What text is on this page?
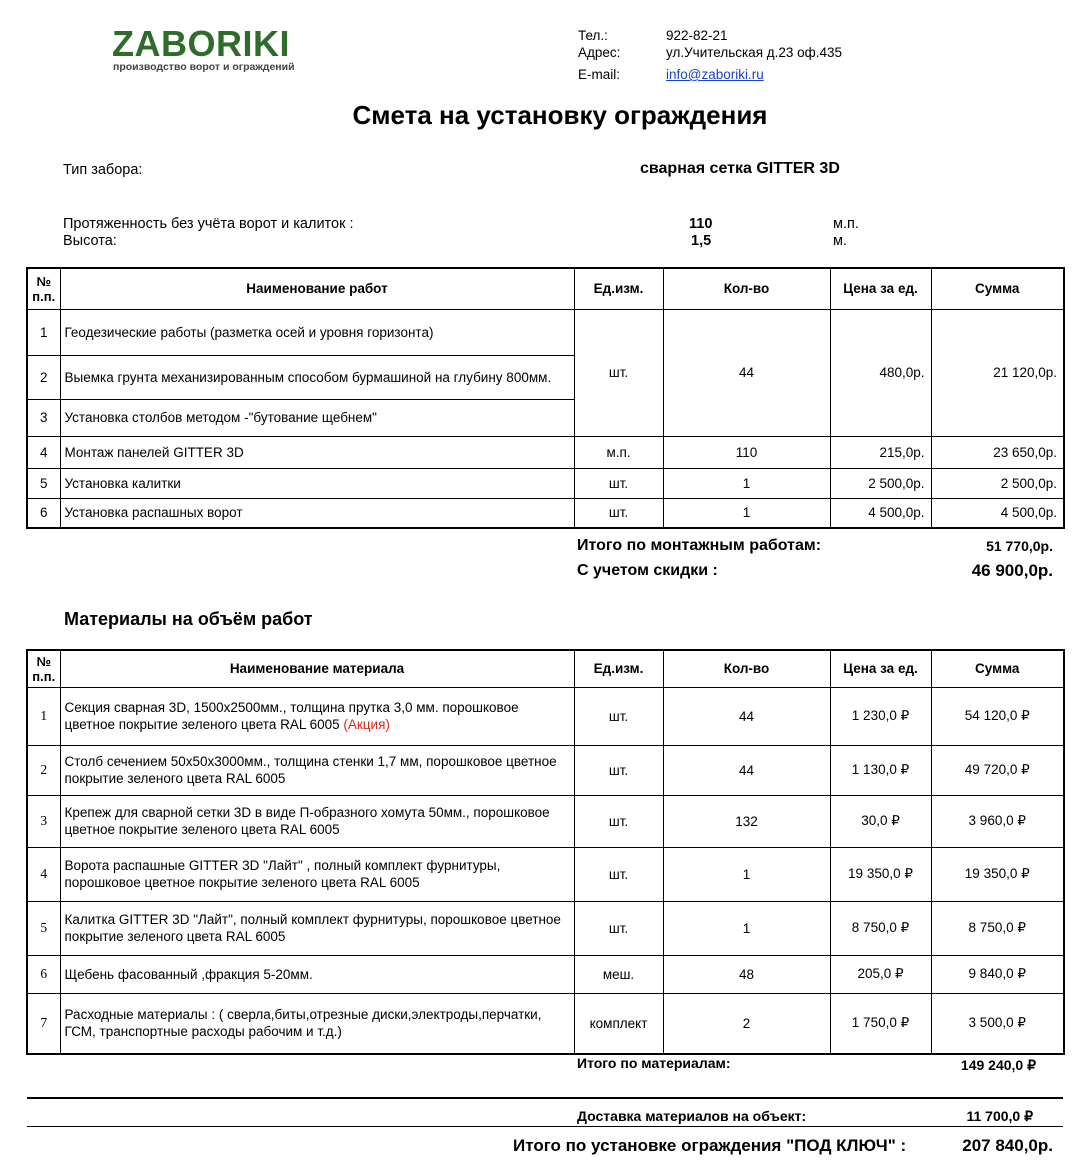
ZABORIKI
производство ворот и ограждений
Тел.:	922-82-21
Адрес:	ул.Учительская д.23 оф.435
E-mail:	info@zaboriki.ru
Смета на установку ограждения
Тип забора:	сварная сетка GITTER 3D
Протяженность без учёта ворот и калиток :	110	м.п.
Высота:	1,5	м.
№ п.п.	Наименование работ	Ед.изм.	Кол-во	Цена за ед.	Сумма
1	Геодезические работы (разметка осей и уровня горизонта)	шт.	44	480,0р.	21 120,0р.
2	Выемка грунта механизированным способом бурмашиной на глубину 800мм.				
3	Установка столбов методом -"бутование щебнем"				
4	Монтаж панелей GITTER 3D	м.п.	110	215,0р.	23 650,0р.
5	Установка калитки	шт.	1	2 500,0р.	2 500,0р.
6	Установка распашных ворот	шт.	1	4 500,0р.	4 500,0р.
Итого по монтажным работам:	51 770,0р.
С учетом скидки :	46 900,0р.
Материалы на объём работ
№ п.п.	Наименование материала	Ед.изм.	Кол-во	Цена за ед.	Сумма
1	Секция сварная 3D, 1500х2500мм., толщина прутка 3,0 мм. порошковое цветное покрытие зеленого цвета RAL 6005 (Акция)	шт.	44	1 230,0 ₽	54 120,0 ₽
2	Столб сечением 50х50х3000мм., толщина стенки 1,7 мм, порошковое цветное покрытие зеленого цвета RAL 6005	шт.	44	1 130,0 ₽	49 720,0 ₽
3	Крепеж для сварной сетки 3D в виде П-образного хомута 50мм., порошковое цветное покрытие зеленого цвета RAL 6005	шт.	132	30,0 ₽	3 960,0 ₽
4	Ворота распашные GITTER 3D "Лайт" , полный комплект фурнитуры, порошковое цветное покрытие зеленого цвета RAL 6005	шт.	1	19 350,0 ₽	19 350,0 ₽
5	Калитка GITTER 3D "Лайт", полный комплект фурнитуры, порошковое цветное покрытие зеленого цвета RAL 6005	шт.	1	8 750,0 ₽	8 750,0 ₽
6	Щебень фасованный ,фракция 5-20мм.	меш.	48	205,0 ₽	9 840,0 ₽
7	Расходные материалы : ( сверла,биты,отрезные диски,электроды,перчатки, ГСМ, транспортные расходы рабочим и т.д.)	комплект	2	1 750,0 ₽	3 500,0 ₽
Итого по материалам:	149 240,0 ₽
Доставка материалов на объект:	11 700,0 ₽
Итого по установке ограждения "ПОД КЛЮЧ" :	207 840,0р.
